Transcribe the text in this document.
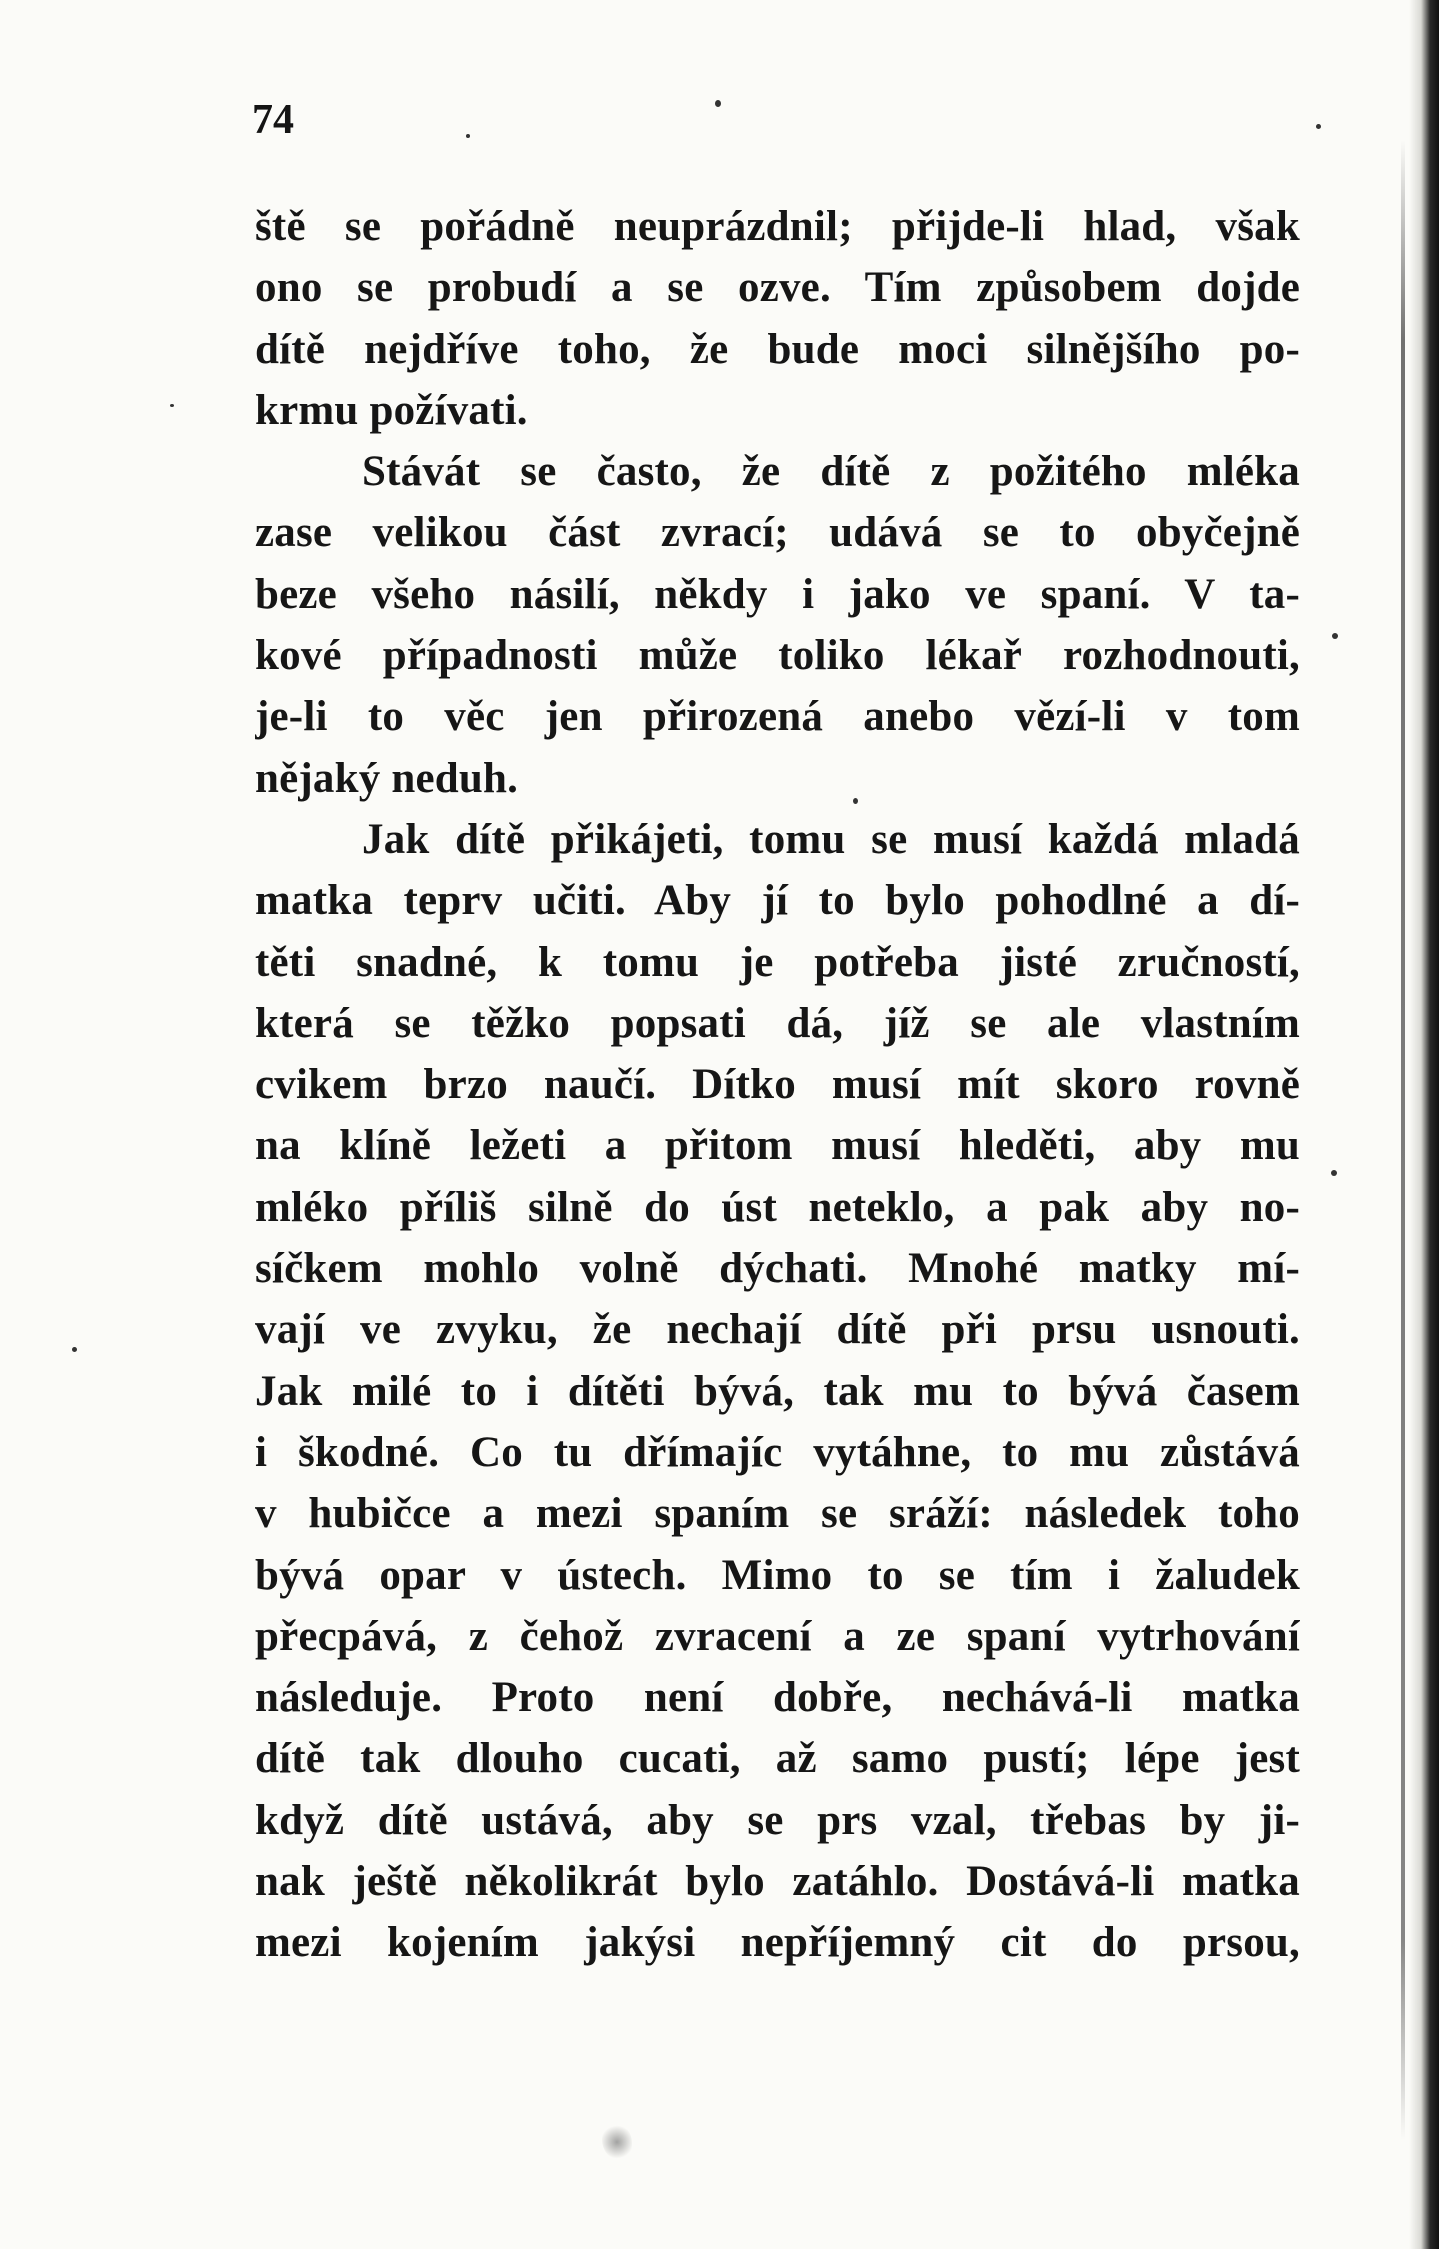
74

ště se pořádně neuprázdnil; přijde-li hlad, však
ono se probudí a se ozve. Tím způsobem dojde
dítě nejdříve toho, že bude moci silnějšího po-
krmu požívati.
Stávát se často, že dítě z požitého mléka
zase velikou část zvrací; udává se to obyčejně
beze všeho násilí, někdy i jako ve spaní. V ta-
kové případnosti může toliko lékař rozhodnouti,
je-li to věc jen přirozená anebo vězí-li v tom
nějaký neduh.
Jak dítě přikájeti, tomu se musí každá mladá
matka teprv učiti. Aby jí to bylo pohodlné a dí-
těti snadné, k tomu je potřeba jisté zručností,
která se těžko popsati dá, jíž se ale vlastním
cvikem brzo naučí. Dítko musí mít skoro rovně
na klíně ležeti a přitom musí hleděti, aby mu
mléko příliš silně do úst neteklo, a pak aby no-
síčkem mohlo volně dýchati. Mnohé matky mí-
vají ve zvyku, že nechají dítě při prsu usnouti.
Jak milé to i dítěti bývá, tak mu to bývá časem
i škodné. Co tu dřímajíc vytáhne, to mu zůstává
v hubičce a mezi spaním se sráží: následek toho
bývá opar v ústech. Mimo to se tím i žaludek
přecpává, z čehož zvracení a ze spaní vytrhování
následuje. Proto není dobře, nechává-li matka
dítě tak dlouho cucati, až samo pustí; lépe jest
když dítě ustává, aby se prs vzal, třebas by ji-
nak ještě několikrát bylo zatáhlo. Dostává-li matka
mezi kojením jakýsi nepříjemný cit do prsou,
